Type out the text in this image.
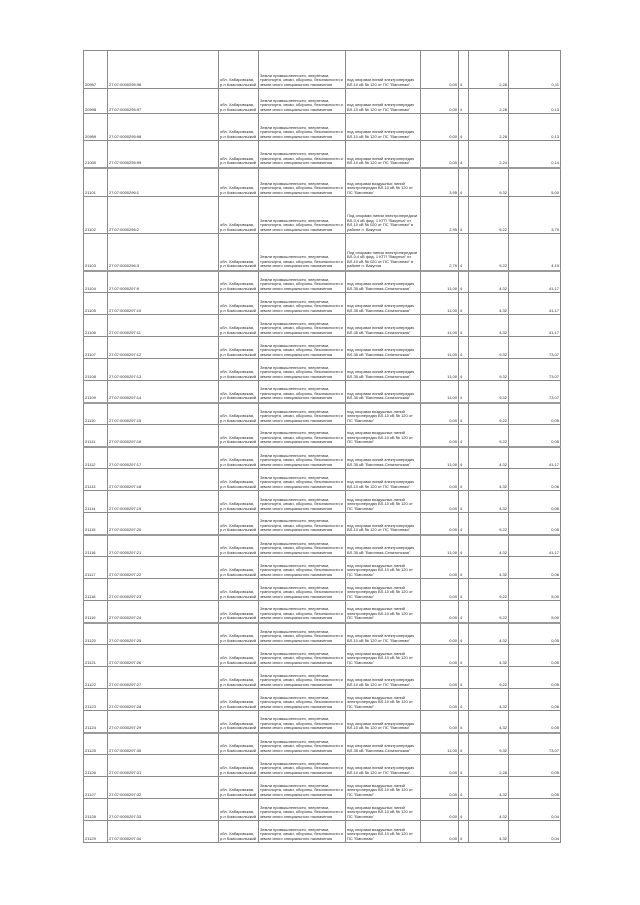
20997	27:07:0000295:96	обл. Хабаровская, р-н Комсомольский	Земли промышленности, энергетики, транспорта, связи, обороны, безопасности и земли иного специального назначения	под опорами линий электропередач ВЛ-10 кВ № 120 от ПС "Вагонная"	0,00	4	2,28	0,11
20998	27:07:0000295:97	обл. Хабаровская, р-н Комсомольский	Земли промышленности, энергетики, транспорта, связи, обороны, безопасности и земли иного специального назначения	под опорами линий электропередач ВЛ-10 кВ № 120 от ПС "Вагонная"	0,00	4	2,28	0,13
20999	27:07:0000295:98	обл. Хабаровская, р-н Комсомольский	Земли промышленности, энергетики, транспорта, связи, обороны, безопасности и земли иного специального назначения	под опорами линий электропередач ВЛ-10 кВ № 120 от ПС "Вагонная"	0,00	4	2,28	0,13
21000	27:07:0000295:99	обл. Хабаровская, р-н Комсомольский	Земли промышленности, энергетики, транспорта, связи, обороны, безопасности и земли иного специального назначения	под опорами линий электропередач ВЛ-10 кВ № 120 от ПС "Вагонная"	0,00	4	2,24	0,14
21101	27:07:0000296:1	обл. Хабаровская, р-н Комсомольский	Земли промышленности, энергетики, транспорта, связи, обороны, безопасности и земли иного специального назначения	под опорами воздушных линий электропередач ВЛ-10 кВ № 120 от ПС "Вагонная"	3,95	4	9,32	5,00
21102	27:07:0000296:2	обл. Хабаровская, р-н Комсомольский	Земли промышленности, энергетики, транспорта, связи, обороны, безопасности и земли иного специального назначения	Под опорами линии электропередачи ВЛ-0,4 кВ фид. 1 КТП "Вакунча" от ВЛ-10 кВ № 020 от ПС "Вагонная" в районе п. Вакунча	2,95	4	9,22	3,79
21103	27:07:0000296:3	обл. Хабаровская, р-н Комсомольский	Земли промышленности, энергетики, транспорта, связи, обороны, безопасности и земли иного специального назначения	Под опорами линии электропередачи ВЛ-0,4 кВ фид. 1 КТП "Вакунча" от ВЛ-10 кВ № 020 от ПС "Вагонная" в районе п. Вакунча	2,79	4	9,22	4,10
21104	27:07:0000297:9	обл. Хабаровская, р-н Комсомольский	Земли промышленности, энергетики, транспорта, связи, обороны, безопасности и земли иного специального назначения	под опорами линий электропередач ВЛ-35 кВ "Вагонная-Селихинская"	11,00	4	4,32	41,17
21105	27:07:0000297:10	обл. Хабаровская, р-н Комсомольский	Земли промышленности, энергетики, транспорта, связи, обороны, безопасности и земли иного специального назначения	под опорами линий электропередач ВЛ-35 кВ "Вагонная-Селихинская"	11,00	4	4,32	41,17
21106	27:07:0000297:11	обл. Хабаровская, р-н Комсомольский	Земли промышленности, энергетики, транспорта, связи, обороны, безопасности и земли иного специального назначения	под опорами линий электропередач ВЛ-35 кВ "Вагонная-Селихинская"	11,00	4	4,32	41,17
21107	27:07:0000297:12	обл. Хабаровская, р-н Комсомольский	Земли промышленности, энергетики, транспорта, связи, обороны, безопасности и земли иного специального назначения	под опорами линий электропередач ВЛ-35 кВ "Вагонная-Селихинская"	11,00	4	9,32	73,07
21108	27:07:0000297:13	обл. Хабаровская, р-н Комсомольский	Земли промышленности, энергетики, транспорта, связи, обороны, безопасности и земли иного специального назначения	под опорами линий электропередач ВЛ-35 кВ "Вагонная-Селихинская"	11,00	4	9,32	73,07
21109	27:07:0000297:14	обл. Хабаровская, р-н Комсомольский	Земли промышленности, энергетики, транспорта, связи, обороны, безопасности и земли иного специального назначения	под опорами линий электропередач ВЛ-35 кВ "Вагонная-Селихинская"	11,00	4	9,32	73,07
21110	27:07:0000297:15	обл. Хабаровская, р-н Комсомольский	Земли промышленности, энергетики, транспорта, связи, обороны, безопасности и земли иного специального назначения	под опорами воздушных линий электропередач ВЛ-10 кВ № 120 от ПС "Вагонная"	0,00	4	9,22	0,05
21111	27:07:0000297:16	обл. Хабаровская, р-н Комсомольский	Земли промышленности, энергетики, транспорта, связи, обороны, безопасности и земли иного специального назначения	под опорами воздушных линий электропередач ВЛ-10 кВ № 120 от ПС "Вагонная"	0,00	4	9,22	0,05
21112	27:07:0000297:17	обл. Хабаровская, р-н Комсомольский	Земли промышленности, энергетики, транспорта, связи, обороны, безопасности и земли иного специального назначения	под опорами линий электропередач ВЛ-35 кВ "Вагонная-Селихинская"	11,00	4	4,32	41,17
21113	27:07:0000297:18	обл. Хабаровская, р-н Комсомольский	Земли промышленности, энергетики, транспорта, связи, обороны, безопасности и земли иного специального назначения	под опорами линий электропередач ВЛ-10 кВ № 120 от ПС "Вагонная"	0,00	4	4,32	0,06
21114	27:07:0000297:19	обл. Хабаровская, р-н Комсомольский	Земли промышленности, энергетики, транспорта, связи, обороны, безопасности и земли иного специального назначения	под опорами воздушных линий электропередач ВЛ-10 кВ № 120 от ПС "Вагонная"	0,00	4	4,32	0,06
21115	27:07:0000297:20	обл. Хабаровская, р-н Комсомольский	Земли промышленности, энергетики, транспорта, связи, обороны, безопасности и земли иного специального назначения	под опорами линий электропередач ВЛ-10 кВ № 120 от ПС "Вагонная"	0,00	4	9,22	0,05
21116	27:07:0000297:21	обл. Хабаровская, р-н Комсомольский	Земли промышленности, энергетики, транспорта, связи, обороны, безопасности и земли иного специального назначения	под опорами линий электропередач ВЛ-35 кВ "Вагонная-Селихинская"	11,00	4	4,32	41,17
21117	27:07:0000297:22	обл. Хабаровская, р-н Комсомольский	Земли промышленности, энергетики, транспорта, связи, обороны, безопасности и земли иного специального назначения	под опорами воздушных линий электропередач ВЛ-10 кВ № 120 от ПС "Вагонная"	0,00	4	4,32	0,06
21118	27:07:0000297:23	обл. Хабаровская, р-н Комсомольский	Земли промышленности, энергетики, транспорта, связи, обороны, безопасности и земли иного специального назначения	под опорами воздушных линий электропередач ВЛ-10 кВ № 120 от ПС "Вагонная"	0,00	4	9,22	5,00
21119	27:07:0000297:24	обл. Хабаровская, р-н Комсомольский	Земли промышленности, энергетики, транспорта, связи, обороны, безопасности и земли иного специального назначения	под опорами воздушных линий электропередач ВЛ-10 кВ № 120 от ПС "Вагонная"	0,00	4	9,22	5,00
21120	27:07:0000297:25	обл. Хабаровская, р-н Комсомольский	Земли промышленности, энергетики, транспорта, связи, обороны, безопасности и земли иного специального назначения	под опорами линий электропередач ВЛ-10 кВ № 120 от ПС "Вагонная"	0,00	4	4,32	0,05
21121	27:07:0000297:26	обл. Хабаровская, р-н Комсомольский	Земли промышленности, энергетики, транспорта, связи, обороны, безопасности и земли иного специального назначения	под опорами воздушных линий электропередач ВЛ-10 кВ № 120 от ПС "Вагонная"	0,00	4	4,32	0,05
21122	27:07:0000297:27	обл. Хабаровская, р-н Комсомольский	Земли промышленности, энергетики, транспорта, связи, обороны, безопасности и земли иного специального назначения	под опорами линий электропередач ВЛ-10 кВ № 120 от ПС "Вагонная"	0,00	4	9,22	0,05
21123	27:07:0000297:28	обл. Хабаровская, р-н Комсомольский	Земли промышленности, энергетики, транспорта, связи, обороны, безопасности и земли иного специального назначения	под опорами воздушных линий электропередач ВЛ-10 кВ № 120 от ПС "Вагонная"	0,00	4	4,32	0,06
21124	27:07:0000297:29	обл. Хабаровская, р-н Комсомольский	Земли промышленности, энергетики, транспорта, связи, обороны, безопасности и земли иного специального назначения	под опорами линий электропередач ВЛ-10 кВ № 120 от ПС "Вагонная"	0,00	4	4,32	0,05
21125	27:07:0000297:30	обл. Хабаровская, р-н Комсомольский	Земли промышленности, энергетики, транспорта, связи, обороны, безопасности и земли иного специального назначения	под опорами линий электропередач ВЛ-35 кВ "Вагонная-Селихинская"	11,00	4	9,32	73,07
21126	27:07:0000297:31	обл. Хабаровская, р-н Комсомольский	Земли промышленности, энергетики, транспорта, связи, обороны, безопасности и земли иного специального назначения	под опорами линий электропередач ВЛ-10 кВ № 120 от ПС "Вагонная"	0,00	4	2,28	0,05
21127	27:07:0000297:32	обл. Хабаровская, р-н Комсомольский	Земли промышленности, энергетики, транспорта, связи, обороны, безопасности и земли иного специального назначения	под опорами воздушных линий электропередач ВЛ-10 кВ № 120 от ПС "Вагонная"	0,00	4	4,32	0,05
21128	27:07:0000297:33	обл. Хабаровская, р-н Комсомольский	Земли промышленности, энергетики, транспорта, связи, обороны, безопасности и земли иного специального назначения	под опорами воздушных линий электропередач ВЛ-10 кВ № 120 от ПС "Вагонная"	0,00	4	4,32	0,04
21129	27:07:0000297:34	обл. Хабаровская, р-н Комсомольский	Земли промышленности, энергетики, транспорта, связи, обороны, безопасности и земли иного специального назначения	под опорами воздушных линий электропередач ВЛ-10 кВ № 120 от ПС "Вагонная"	0,00	4	4,32	0,04
